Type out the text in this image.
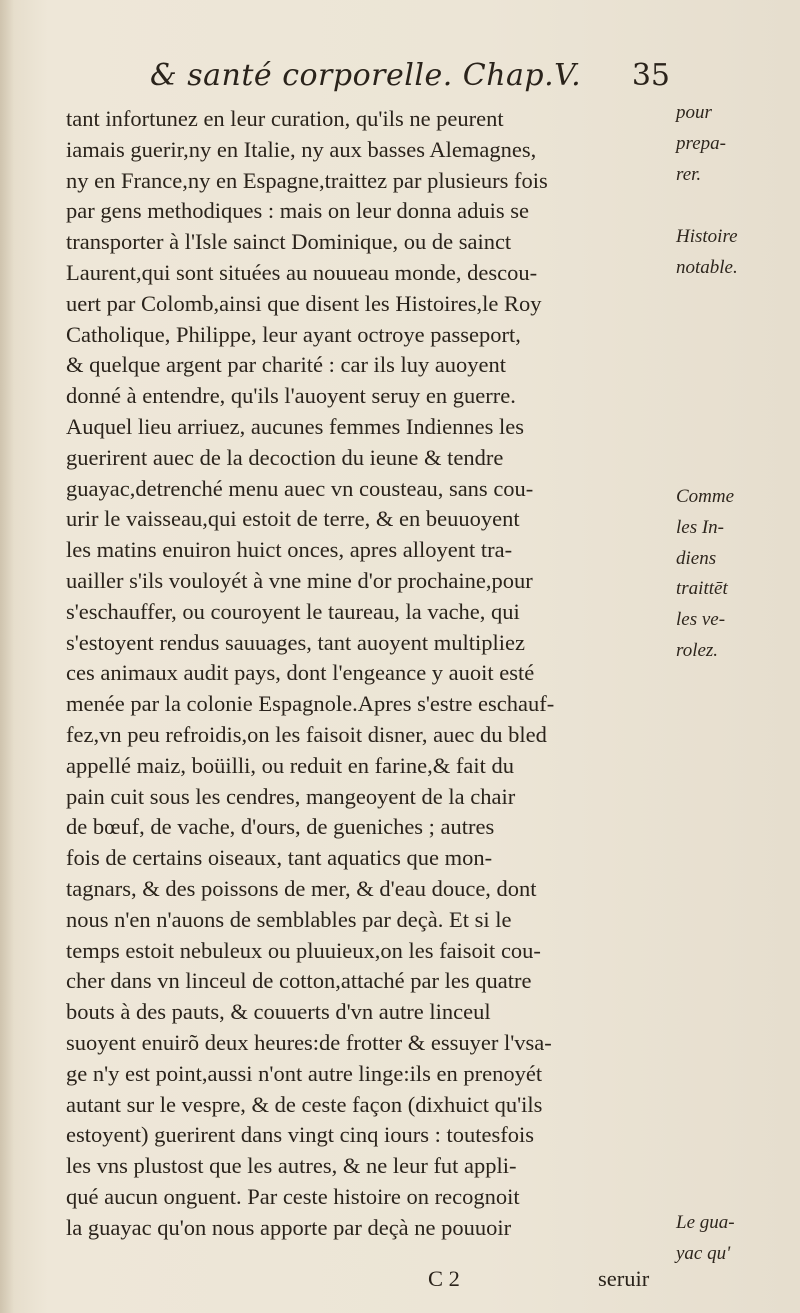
& santé corporelle. Chap.V. 35
tant infortunez en leur curation, qu'ils ne peurent
iamais guerir,ny en Italie, ny aux basses Alemagnes,
ny en France,ny en Espagne,traittez par plusieurs fois
par gens methodiques : mais on leur donna aduis se
transporter à l'Isle sainct Dominique, ou de sainct
Laurent,qui sont situées au nouueau monde, descou-
uert par Colomb,ainsi que disent les Histoires,le Roy
Catholique, Philippe, leur ayant octroye passeport,
& quelque argent par charité : car ils luy auoyent
donné à entendre, qu'ils l'auoyent seruy en guerre.
Auquel lieu arriuez, aucunes femmes Indiennes les
guerirent auec de la decoction du ieune & tendre
guayac,detrenché menu auec vn cousteau, sans cou-
urir le vaisseau,qui estoit de terre, & en beuuoyent
les matins enuiron huict onces, apres alloyent tra-
uailler s'ils vouloyét à vne mine d'or prochaine,pour
s'eschauffer, ou couroyent le taureau, la vache, qui
s'estoyent rendus sauuages, tant auoyent multipliez
ces animaux audit pays, dont l'engeance y auoit esté
menée par la colonie Espagnole.Apres s'estre eschauf-
fez,vn peu refroidis,on les faisoit disner, auec du bled
appellé maiz, boüilli, ou reduit en farine,& fait du
pain cuit sous les cendres, mangeoyent de la chair
de bœuf, de vache, d'ours, de gueniches ; autres
fois de certains oiseaux, tant aquatics que mon-
tagnars, & des poissons de mer, & d'eau douce, dont
nous n'en n'auons de semblables par deçà. Et si le
temps estoit nebuleux ou pluuieux,on les faisoit cou-
cher dans vn linceul de cotton,attaché par les quatre
bouts à des pauts, & couuerts d'vn autre linceul
suoyent enuirõ deux heures:de frotter & essuyer l'vsa-
ge n'y est point,aussi n'ont autre linge:ils en prenoyét
autant sur le vespre, & de ceste façon (dixhuict qu'ils
estoyent) guerirent dans vingt cinq iours : toutesfois
les vns plustost que les autres, & ne leur fut appli-
qué aucun onguent. Par ceste histoire on recognoit
la guayac qu'on nous apporte par deçà ne pouuoir
pour
prepa-
rer.
Histoire
notable.
Comme
les In-
diens
traittēt
les ve-
rolez.
Le gua-
yac qu'
C 2	seruir
